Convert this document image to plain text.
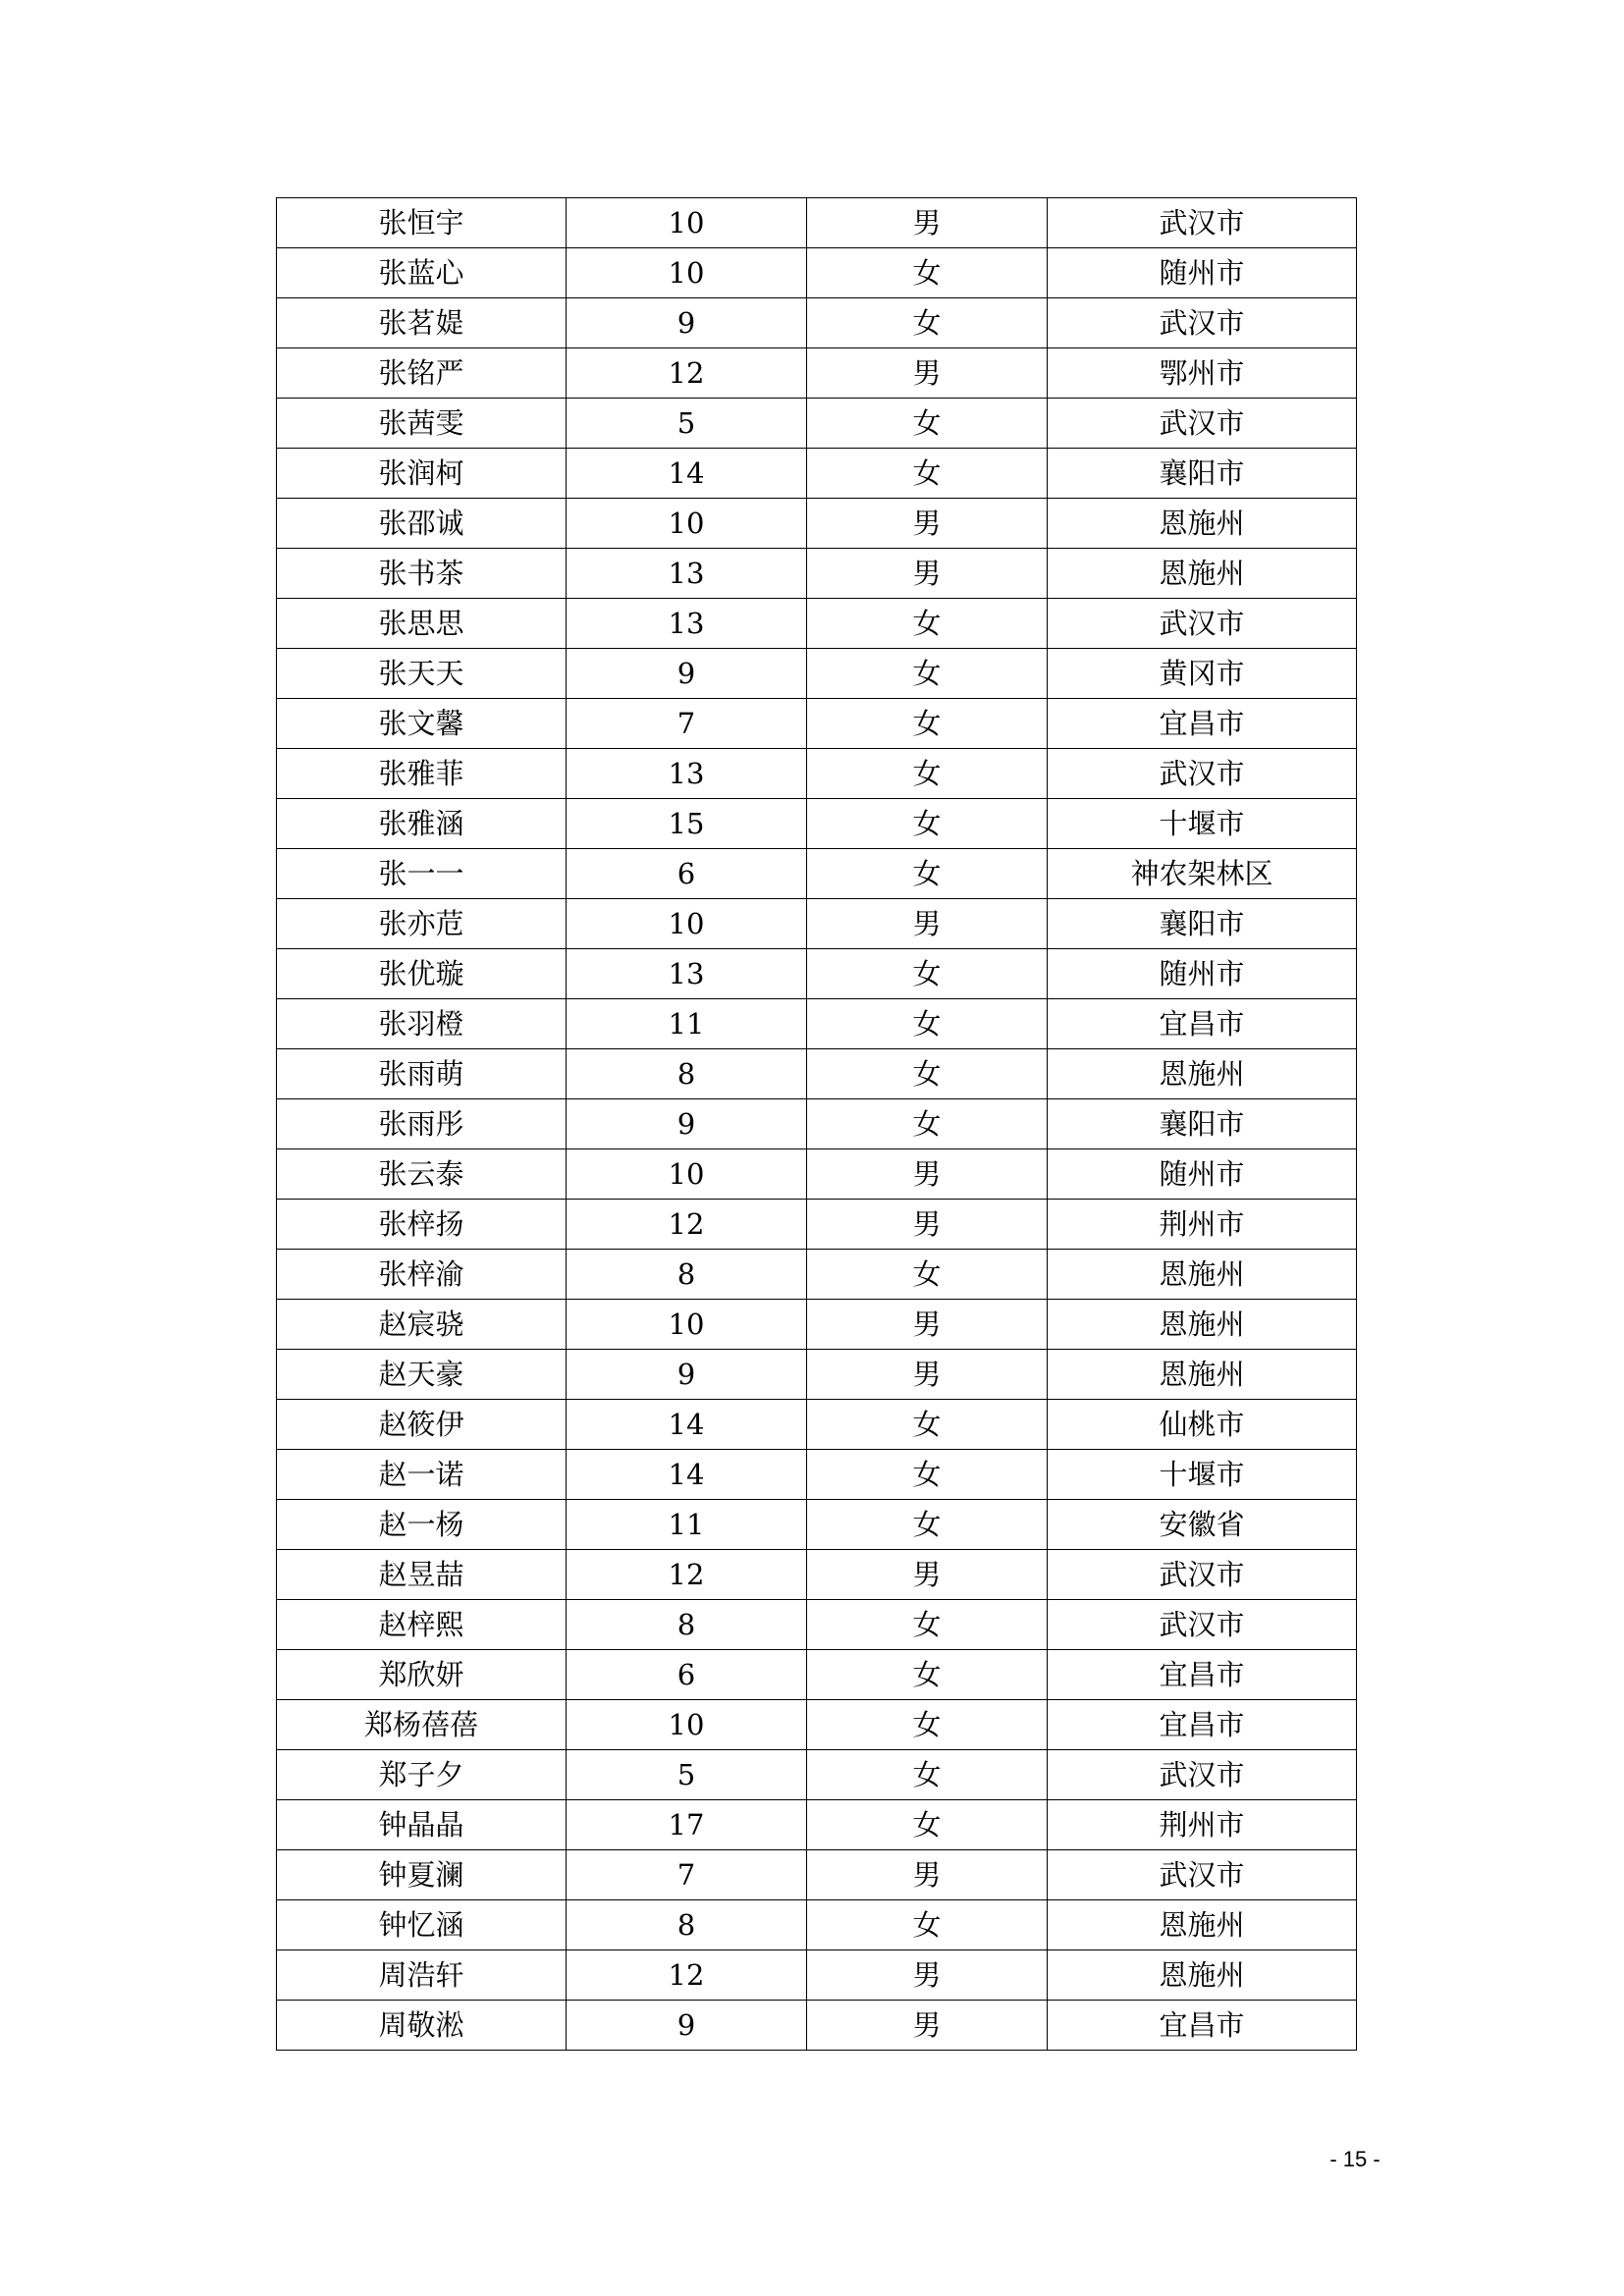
张恒宇	10	男	武汉市
张蓝心	10	女	随州市
张茗媞	9	女	武汉市
张铭严	12	男	鄂州市
张茜雯	5	女	武汉市
张润柯	14	女	襄阳市
张邵诚	10	男	恩施州
张书茶	13	男	恩施州
张思思	13	女	武汉市
张天天	9	女	黄冈市
张文馨	7	女	宜昌市
张雅菲	13	女	武汉市
张雅涵	15	女	十堰市
张一一	6	女	神农架林区
张亦苊	10	男	襄阳市
张优璇	13	女	随州市
张羽橙	11	女	宜昌市
张雨萌	8	女	恩施州
张雨彤	9	女	襄阳市
张云泰	10	男	随州市
张梓扬	12	男	荆州市
张梓渝	8	女	恩施州
赵宸骁	10	男	恩施州
赵天豪	9	男	恩施州
赵筱伊	14	女	仙桃市
赵一诺	14	女	十堰市
赵一杨	11	女	安徽省
赵昱喆	12	男	武汉市
赵梓熙	8	女	武汉市
郑欣妍	6	女	宜昌市
郑杨蓓蓓	10	女	宜昌市
郑子夕	5	女	武汉市
钟晶晶	17	女	荆州市
钟夏澜	7	男	武汉市
钟忆涵	8	女	恩施州
周浩轩	12	男	恩施州
周敬淞	9	男	宜昌市
- 15 -
